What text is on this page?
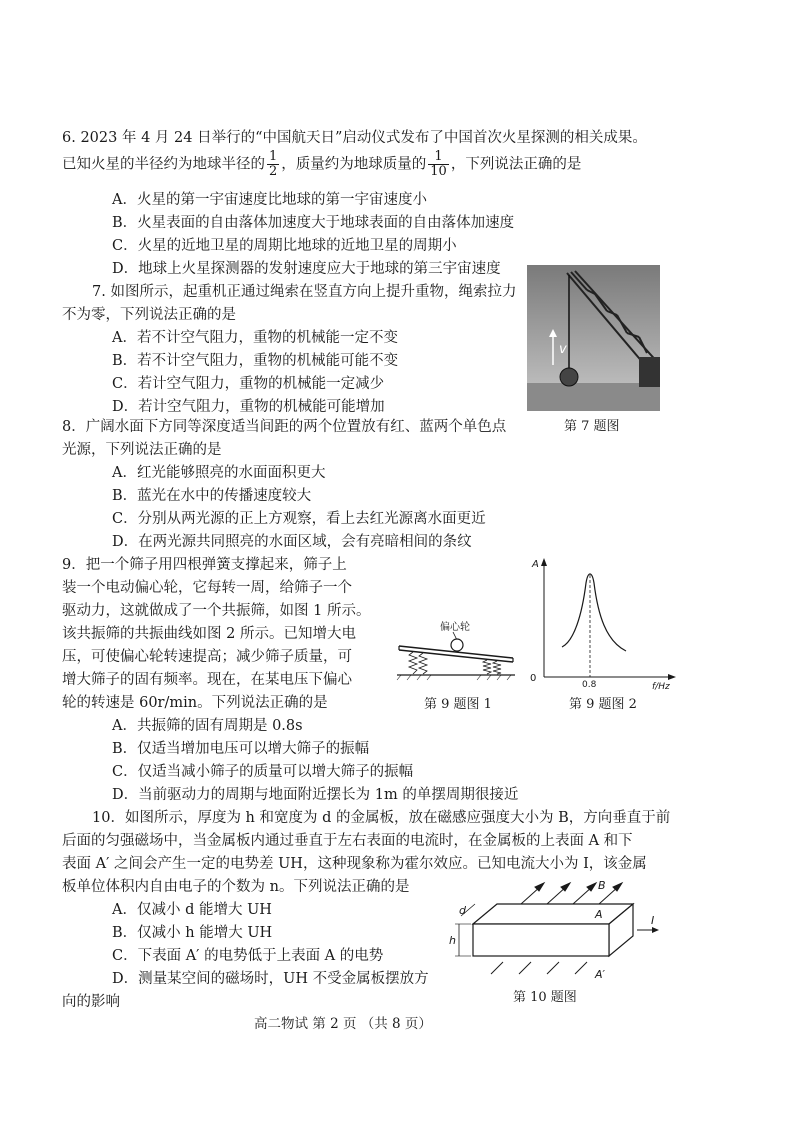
6. 2023 年 4 月 24 日举行的“中国航天日”启动仪式发布了中国首次火星探测的相关成果。
已知火星的半径约为地球半径的 $\frac{1}{2}$ ，质量约为地球质量的 $\frac{1}{10}$ ，下列说法正确的是
A．火星的第一宇宙速度比地球的第一宇宙速度小
B．火星表面的自由落体加速度大于地球表面的自由落体加速度
C．火星的近地卫星的周期比地球的近地卫星的周期小
D．地球上火星探测器的发射速度应大于地球的第三宇宙速度
7. 如图所示，起重机正通过绳索在竖直方向上提升重物，绳索拉力
不为零，下列说法正确的是
A．若不计空气阻力，重物的机械能一定不变
B．若不计空气阻力，重物的机械能可能不变
C．若计空气阻力，重物的机械能一定减少
D．若计空气阻力，重物的机械能可能增加
v
第 7 题图
8．广阔水面下方同等深度适当间距的两个位置放有红、蓝两个单色点
光源，下列说法正确的是
A．红光能够照亮的水面面积更大
B．蓝光在水中的传播速度较大
C．分别从两光源的正上方观察，看上去红光源离水面更近
D．在两光源共同照亮的水面区域，会有亮暗相间的条纹
9．把一个筛子用四根弹簧支撑起来，筛子上
装一个电动偏心轮，它每转一周，给筛子一个
驱动力，这就做成了一个共振筛，如图 1 所示。
该共振筛的共振曲线如图 2 所示。已知增大电
压，可使偏心轮转速提高；减少筛子质量，可
增大筛子的固有频率。现在，在某电压下偏心
轮的转速是 60r/min。下列说法正确的是
A．共振筛的固有周期是 0.8s
B．仅适当增加电压可以增大筛子的振幅
C．仅适当减小筛子的质量可以增大筛子的振幅
D．当前驱动力的周期与地面附近摆长为 1m 的单摆周期很接近
偏心轮
第 9 题图 1
A
0
0.8	f/Hz
第 9 题图 2
10．如图所示，厚度为 h 和宽度为 d 的金属板，放在磁感应强度大小为 B，方向垂直于前
后面的匀强磁场中，当金属板内通过垂直于左右表面的电流时，在金属板的上表面 A 和下
表面 A′ 之间会产生一定的电势差 UH，这种现象称为霍尔效应。已知电流大小为 I，该金属
板单位体积内自由电子的个数为 n。下列说法正确的是
A．仅减小 d 能增大 UH
B．仅减小 h 能增大 UH
C．下表面 A′ 的电势低于上表面 A 的电势
D．测量某空间的磁场时，UH 不受金属板摆放方
向的影响
B
A
A′
I
d
h
第 10 题图
高二物试 第 2 页 （共 8 页）
